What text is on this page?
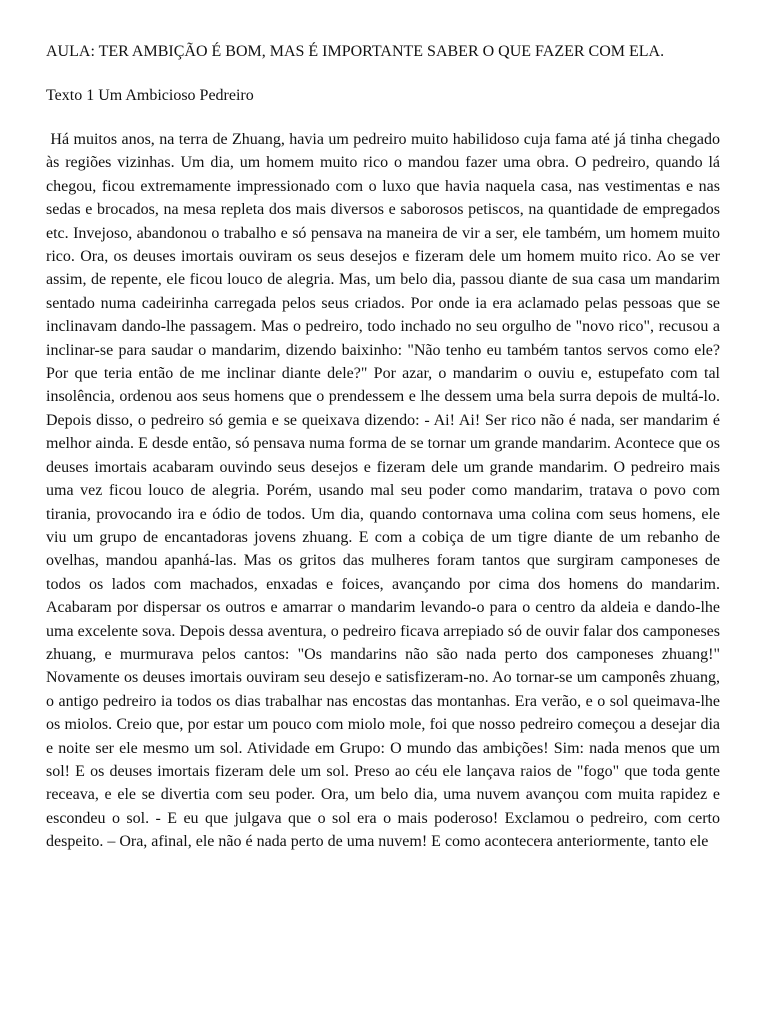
AULA: TER AMBIÇÃO É BOM, MAS É IMPORTANTE SABER O QUE FAZER COM ELA.

Texto 1 Um Ambicioso Pedreiro

Há muitos anos, na terra de Zhuang, havia um pedreiro muito habilidoso cuja fama até já tinha chegado às regiões vizinhas. Um dia, um homem muito rico o mandou fazer uma obra. O pedreiro, quando lá chegou, ficou extremamente impressionado com o luxo que havia naquela casa, nas vestimentas e nas sedas e brocados, na mesa repleta dos mais diversos e saborosos petiscos, na quantidade de empregados etc. Invejoso, abandonou o trabalho e só pensava na maneira de vir a ser, ele também, um homem muito rico. Ora, os deuses imortais ouviram os seus desejos e fizeram dele um homem muito rico. Ao se ver assim, de repente, ele ficou louco de alegria. Mas, um belo dia, passou diante de sua casa um mandarim sentado numa cadeirinha carregada pelos seus criados. Por onde ia era aclamado pelas pessoas que se inclinavam dando-lhe passagem. Mas o pedreiro, todo inchado no seu orgulho de "novo rico", recusou a inclinar-se para saudar o mandarim, dizendo baixinho: "Não tenho eu também tantos servos como ele? Por que teria então de me inclinar diante dele?" Por azar, o mandarim o ouviu e, estupefato com tal insolência, ordenou aos seus homens que o prendessem e lhe dessem uma bela surra depois de multá-lo. Depois disso, o pedreiro só gemia e se queixava dizendo: - Ai! Ai! Ser rico não é nada, ser mandarim é melhor ainda. E desde então, só pensava numa forma de se tornar um grande mandarim. Acontece que os deuses imortais acabaram ouvindo seus desejos e fizeram dele um grande mandarim. O pedreiro mais uma vez ficou louco de alegria. Porém, usando mal seu poder como mandarim, tratava o povo com tirania, provocando ira e ódio de todos. Um dia, quando contornava uma colina com seus homens, ele viu um grupo de encantadoras jovens zhuang. E com a cobiça de um tigre diante de um rebanho de ovelhas, mandou apanhá-las. Mas os gritos das mulheres foram tantos que surgiram camponeses de todos os lados com machados, enxadas e foices, avançando por cima dos homens do mandarim. Acabaram por dispersar os outros e amarrar o mandarim levando-o para o centro da aldeia e dando-lhe uma excelente sova. Depois dessa aventura, o pedreiro ficava arrepiado só de ouvir falar dos camponeses zhuang, e murmurava pelos cantos: "Os mandarins não são nada perto dos camponeses zhuang!" Novamente os deuses imortais ouviram seu desejo e satisfizeram-no. Ao tornar-se um camponês zhuang, o antigo pedreiro ia todos os dias trabalhar nas encostas das montanhas. Era verão, e o sol queimava-lhe os miolos. Creio que, por estar um pouco com miolo mole, foi que nosso pedreiro começou a desejar dia e noite ser ele mesmo um sol. Atividade em Grupo: O mundo das ambições! Sim: nada menos que um sol! E os deuses imortais fizeram dele um sol. Preso ao céu ele lançava raios de "fogo" que toda gente receava, e ele se divertia com seu poder. Ora, um belo dia, uma nuvem avançou com muita rapidez e escondeu o sol. - E eu que julgava que o sol era o mais poderoso! Exclamou o pedreiro, com certo despeito. – Ora, afinal, ele não é nada perto de uma nuvem! E como acontecera anteriormente, tanto ele
